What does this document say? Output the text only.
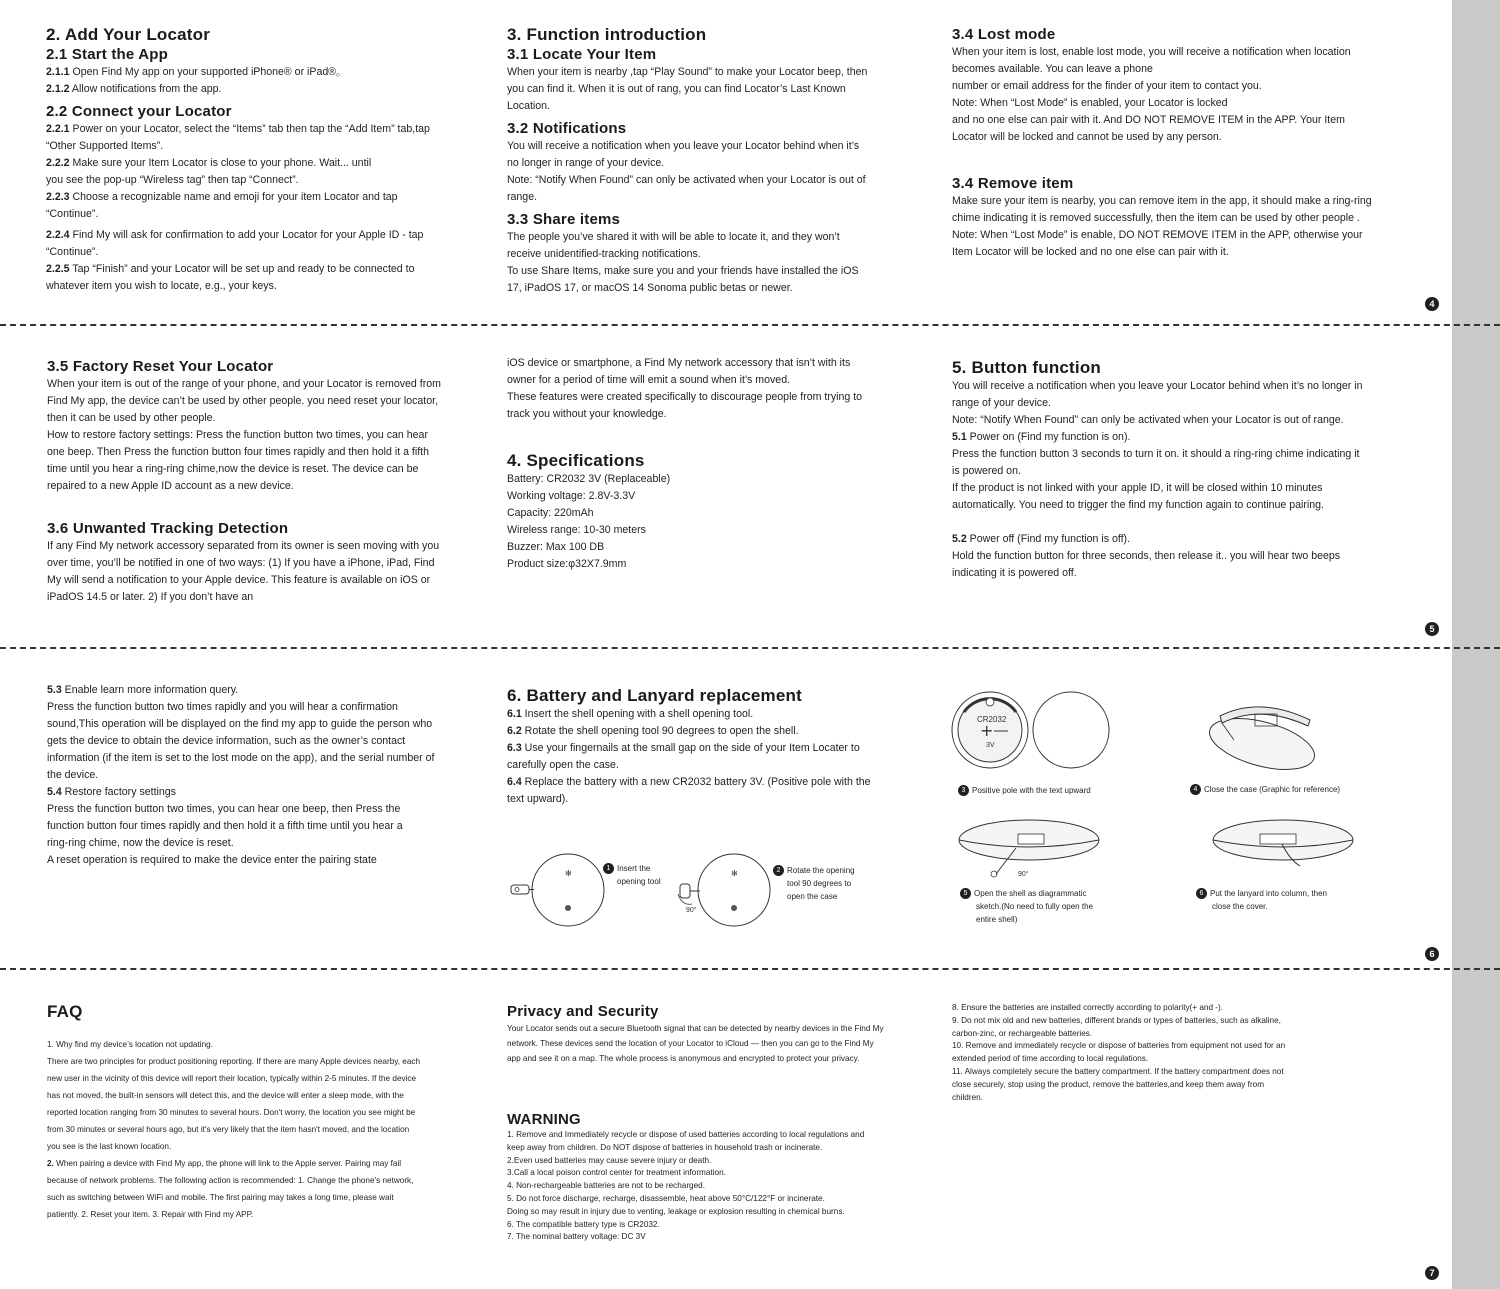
2. Add Your Locator

2.1 Start the App

2.1.1 Open Find My app on your supported iPhone® or iPad®。

2.1.2 Allow notifications from the app.

2.2 Connect your Locator

2.2.1 Power on your Locator, select the “Items” tab then tap the “Add Item” tab,tap

“Other Supported Items”.

2.2.2 Make sure your Item Locator is close to your phone. Wait... until

you see the pop-up “Wireless tag” then tap “Connect”.

2.2.3 Choose a recognizable name and emoji for your item Locator and tap

“Continue”.

2.2.4 Find My will ask for confirmation to add your Locator for your Apple ID - tap

“Continue”.

2.2.5 Tap “Finish” and your Locator will be set up and ready to be connected to

whatever item you wish to locate, e.g., your keys.

3. Function introduction

3.1 Locate Your Item

When your item is nearby ,tap “Play Sound” to make your Locator beep, then

you can find it. When it is out of rang, you can find Locator’s Last Known

Location.

3.2 Notifications

You will receive a notification when you leave your Locator behind when it’s

no longer in range of your device.

Note: “Notify When Found” can only be activated when your Locator is out of

range.

3.3 Share items

The people you’ve shared it with will be able to locate it, and they won’t

receive unidentified-tracking notifications.

To use Share Items, make sure you and your friends have installed the iOS

17, iPadOS 17, or macOS 14 Sonoma public betas or newer.

3.4 Lost mode

When your item is lost, enable lost mode, you will receive a notification when location

becomes available. You can leave a phone

number or email address for the finder of your item to contact you.

Note: When “Lost Mode” is enabled, your Locator is locked

and no one else can pair with it. And DO NOT REMOVE ITEM in the APP. Your Item

Locator will be locked and cannot be used by any person.

3.4 Remove item

Make sure your item is nearby, you can remove item in the app, it should make a ring-ring

chime indicating it is removed successfully, then the item can be used by other people .

Note: When “Lost Mode” is enable, DO NOT REMOVE ITEM in the APP, otherwise your

Item Locator will be locked and no one else can pair with it.

4

3.5 Factory Reset Your Locator

When your item is out of the range of your phone, and your Locator is removed from

Find My app, the device can’t be used by other people. you need reset your locator,

then it can be used by other people.

How to restore factory settings: Press the function button two times, you can hear

one beep. Then Press the function button four times rapidly and then hold it a fifth

time until you hear a ring-ring chime,now the device is reset. The device can be

repaired to a new Apple ID account as a new device.

3.6 Unwanted Tracking Detection

If any Find My network accessory separated from its owner is seen moving with you

over time, you’ll be notified in one of two ways: (1) If you have a iPhone, iPad, Find

My will send a notification to your Apple device. This feature is available on iOS or

iPadOS 14.5 or later. 2) If you don’t have an

iOS device or smartphone, a Find My network accessory that isn’t with its

owner for a period of time will emit a sound when it’s moved.

These features were created specifically to discourage people from trying to

track you without your knowledge.

4. Specifications

Battery: CR2032 3V (Replaceable)

Working voltage: 2.8V-3.3V

Capacity: 220mAh

Wireless range: 10-30 meters

Buzzer: Max 100 DB

Product size:φ32X7.9mm

5. Button function

You will receive a notification when you leave your Locator behind when it’s no longer in

range of your device.

Note: “Notify When Found” can only be activated when your Locator is out of range.

5.1 Power on (Find my function is on).

Press the function button 3 seconds to turn it on. it should a ring-ring chime indicating it

is powered on.

If the product is not linked with your apple ID, it will be closed within 10 minutes

automatically. You need to trigger the find my function again to continue pairing.

5.2 Power off (Find my function is off).

Hold the function button for three seconds, then release it.. you will hear two beeps

indicating it is powered off.

5

5.3 Enable learn more information query.

Press the function button two times rapidly and you will hear a confirmation

sound,This operation will be displayed on the find my app to guide the person who

gets the device to obtain the device information, such as the owner’s contact

information (if the item is set to the lost mode on the app), and the serial number of

the device.

5.4 Restore factory settings

Press the function button two times, you can hear one beep, then Press the

function button four times rapidly and then hold it a fifth time until you hear a

ring-ring chime, now the device is reset.

A reset operation is required to make the device enter the pairing state

6. Battery and Lanyard replacement

6.1 Insert the shell opening with a shell opening tool.

6.2 Rotate the shell opening tool 90 degrees to open the shell.

6.3 Use your fingernails at the small gap on the side of your Item Locater to

carefully open the case.

6.4 Replace the battery with a new CR2032 battery 3V. (Positive pole with the

text upward).

✻
1 Insert the
opening tool
✻
90°
2 Rotate the opening
tool 90 degrees to
open the case
CR2032
+
3V
3 Positive pole with the text upward	4 Close the case (Graphic for reference)
90°
5 Open the shell as diagrammatic
sketch.(No need to fully open the
entire shell)
6 Put the lanyard into column, then
close the cover.
6

FAQ

1. Why find my device’s location not updating.

There are two principles for product positioning reporting. If there are many Apple devices nearby, each

new user in the vicinity of this device will report their location, typically within 2-5 minutes. If the device

has not moved, the built-in sensors will detect this, and the device will enter a sleep mode, with the

reported location ranging from 30 minutes to several hours. Don't worry, the location you see might be

from 30 minutes or several hours ago, but it's very likely that the item hasn't moved, and the location

you see is the last known location.

2. When pairing a device with Find My app, the phone will link to the Apple server. Pairing may fail

because of network problems. The following action is recommended: 1. Change the phone's network,

such as switching between WiFi and mobile. The first pairing may takes a long time, please wait

patiently. 2. Reset your item. 3. Repair with Find my APP.

Privacy and Security

Your Locator sends out a secure Bluetooth signal that can be detected by nearby devices in the Find My

network. These devices send the location of your Locator to iCloud — then you can go to the Find My

app and see it on a map. The whole process is anonymous and encrypted to protect your privacy.

WARNING

1. Remove and Immediately recycle or dispose of used batteries according to local regulations and

keep away from children. Do NOT dispose of batteries in household trash or incinerate.

2.Even used batteries may cause severe injury or death.

3.Call a local poison control center for treatment information.

4. Non-rechargeable batteries are not to be recharged.

5. Do not force discharge, recharge, disassemble, heat above 50°C/122°F or incinerate.

Doing so may result in injury due to venting, leakage or explosion resulting in chemical burns.

6. The compatible battery type is CR2032.

7. The nominal battery voltage: DC 3V

8. Ensure the batteries are installed correctly according to polarity(+ and -).

9. Do not mix old and new batteries, different brands or types of batteries, such as alkaline,

carbon-zinc, or rechargeable batteries.

10. Remove and immediately recycle or dispose of batteries from equipment not used for an

extended period of time according to local regulations.

11. Always completely secure the battery compartment. If the battery compartment does not

close securely, stop using the product, remove the batteries,and keep them away from

children.

7
